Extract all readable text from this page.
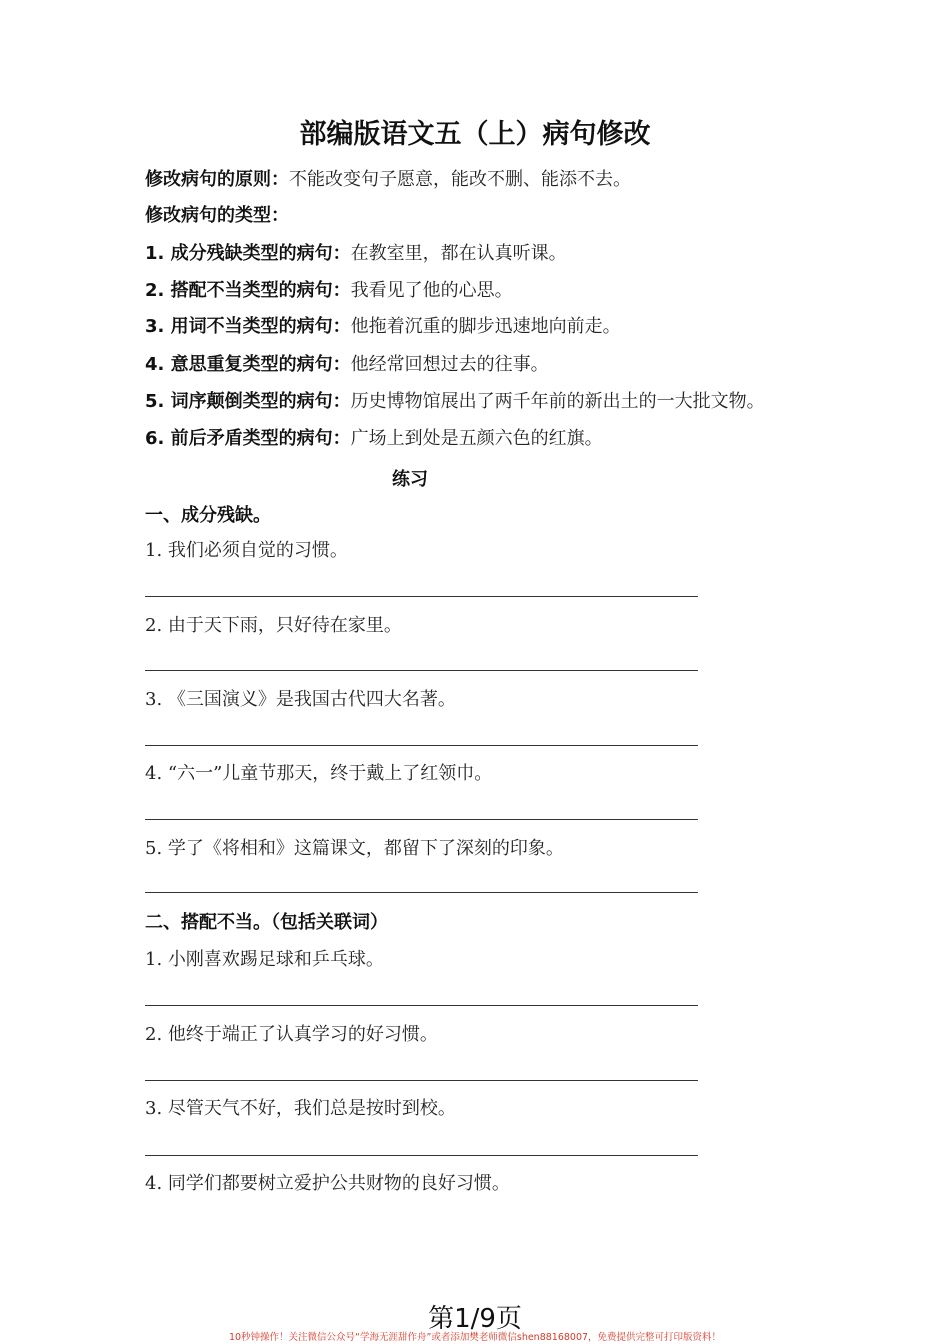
部编版语文五（上）病句修改
修改病句的原则：不能改变句子愿意，能改不删、能添不去。
修改病句的类型：
1. 成分残缺类型的病句：在教室里，都在认真听课。
2. 搭配不当类型的病句：我看见了他的心思。
3. 用词不当类型的病句：他拖着沉重的脚步迅速地向前走。
4. 意思重复类型的病句：他经常回想过去的往事。
5. 词序颠倒类型的病句：历史博物馆展出了两千年前的新出土的一大批文物。
6. 前后矛盾类型的病句：广场上到处是五颜六色的红旗。
练习
一、成分残缺。
1. 我们必须自觉的习惯。
2. 由于天下雨，只好待在家里。
3. 《三国演义》是我国古代四大名著。
4. “六一”儿童节那天，终于戴上了红领巾。
5. 学了《将相和》这篇课文，都留下了深刻的印象。
二、搭配不当。（包括关联词）
1. 小刚喜欢踢足球和乒乓球。
2. 他终于端正了认真学习的好习惯。
3. 尽管天气不好，我们总是按时到校。
4. 同学们都要树立爱护公共财物的良好习惯。
第1/9页
10秒钟操作！关注微信公众号“学海无涯甜作舟”或者添加樊老师微信shen88168007，免费提供完整可打印版资料！
